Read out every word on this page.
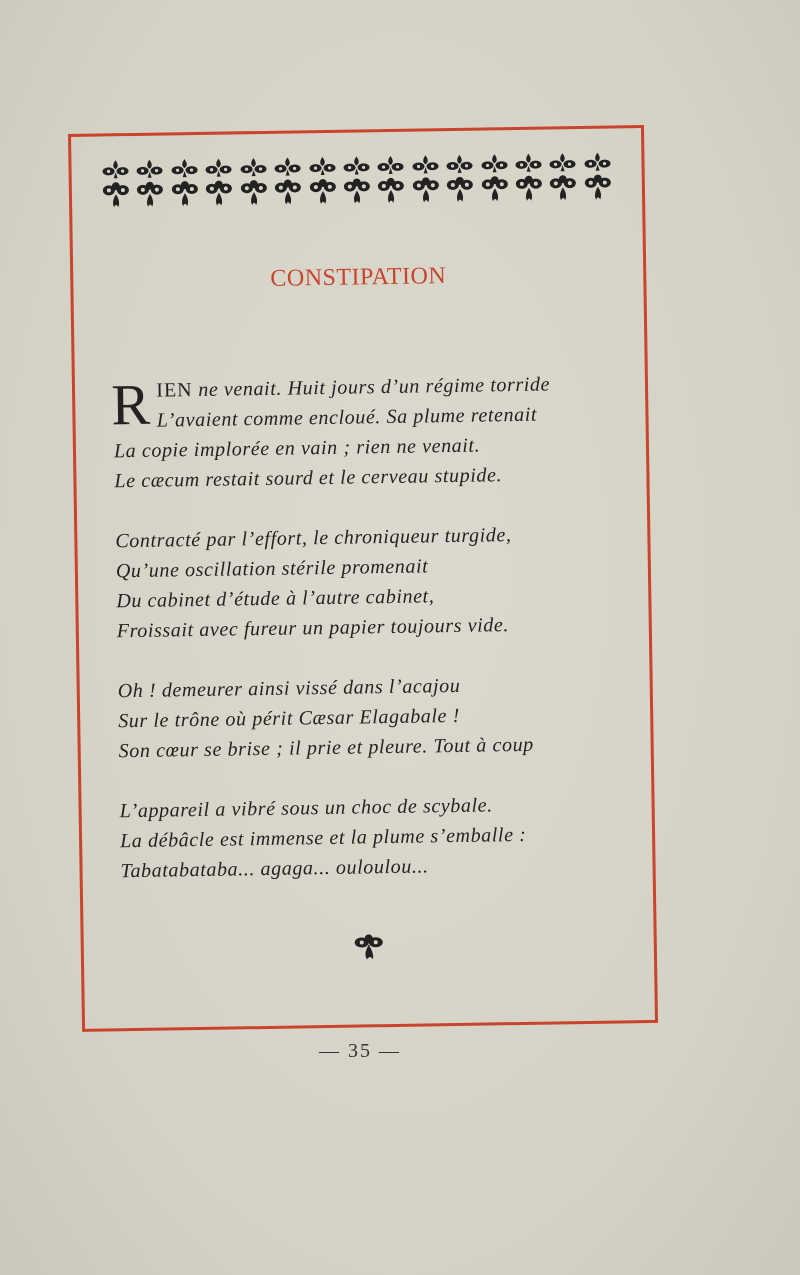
CONSTIPATION
R IEN ne venait. Huit jours d’un régime torride
L’avaient comme encloué. Sa plume retenait
La copie implorée en vain ; rien ne venait.
Le cæcum restait sourd et le cerveau stupide.
Contracté par l’effort, le chroniqueur turgide,
Qu’une oscillation stérile promenait
Du cabinet d’étude à l’autre cabinet,
Froissait avec fureur un papier toujours vide.
Oh ! demeurer ainsi vissé dans l’acajou
Sur le trône où périt Cæsar Elagabale !
Son cœur se brise ; il prie et pleure. Tout à coup
L’appareil a vibré sous un choc de scybale.
La débâcle est immense et la plume s’emballe :
Tabatabataba... agaga... ouloulou...
— 35 —
